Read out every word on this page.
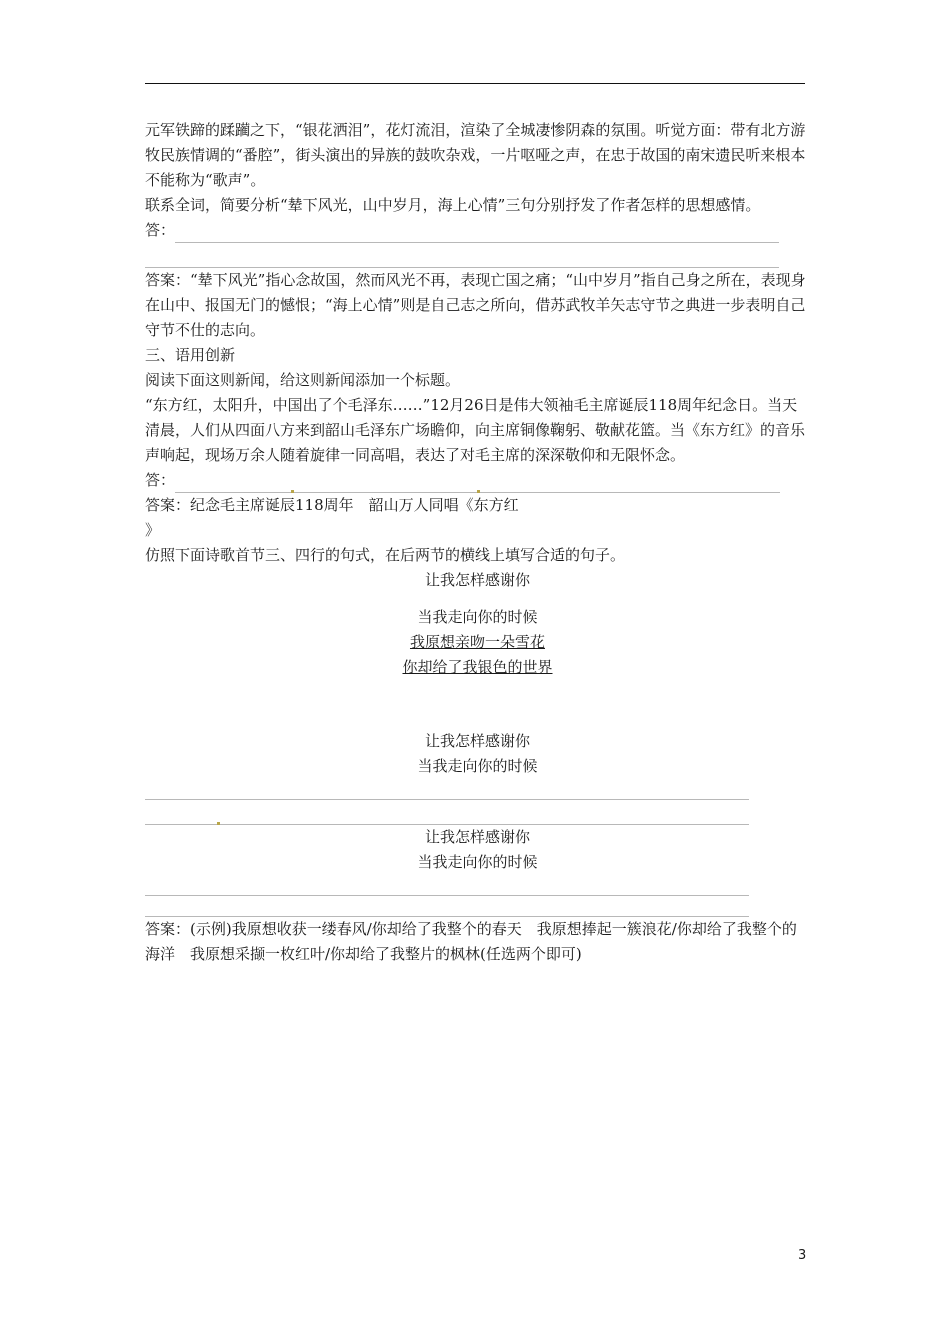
元军铁蹄的蹂躏之下，“银花洒泪”，花灯流泪，渲染了全城凄惨阴森的氛围。听觉方面：带有北方游牧民族情调的“番腔”，街头演出的异族的鼓吹杂戏，一片呕哑之声，在忠于故国的南宋遗民听来根本不能称为“歌声”。

联系全词，简要分析“辇下风光，山中岁月，海上心情”三句分别抒发了作者怎样的思想感情。

答：

答案：“辇下风光”指心念故国，然而风光不再，表现亡国之痛；“山中岁月”指自己身之所在，表现身在山中、报国无门的憾恨；“海上心情”则是自己志之所向，借苏武牧羊矢志守节之典进一步表明自己守节不仕的志向。

三、语用创新

阅读下面这则新闻，给这则新闻添加一个标题。

“东方红，太阳升，中国出了个毛泽东……”12月26日是伟大领袖毛主席诞辰118周年纪念日。当天清晨，人们从四面八方来到韶山毛泽东广场瞻仰，向主席铜像鞠躬、敬献花篮。当《东方红》的音乐声响起，现场万余人随着旋律一同高唱，表达了对毛主席的深深敬仰和无限怀念。

答：

答案：纪念毛主席诞辰118周年　韶山万人同唱《东方红

》

仿照下面诗歌首节三、四行的句式，在后两节的横线上填写合适的句子。

让我怎样感谢你
当我走向你的时候
我原想亲吻一朵雪花
你却给了我银色的世界
让我怎样感谢你
当我走向你的时候
让我怎样感谢你
当我走向你的时候

答案：(示例)我原想收获一缕春风/你却给了我整个的春天　我原想捧起一簇浪花/你却给了我整个的海洋　我原想采撷一枚红叶/你却给了我整片的枫林(任选两个即可)

3
